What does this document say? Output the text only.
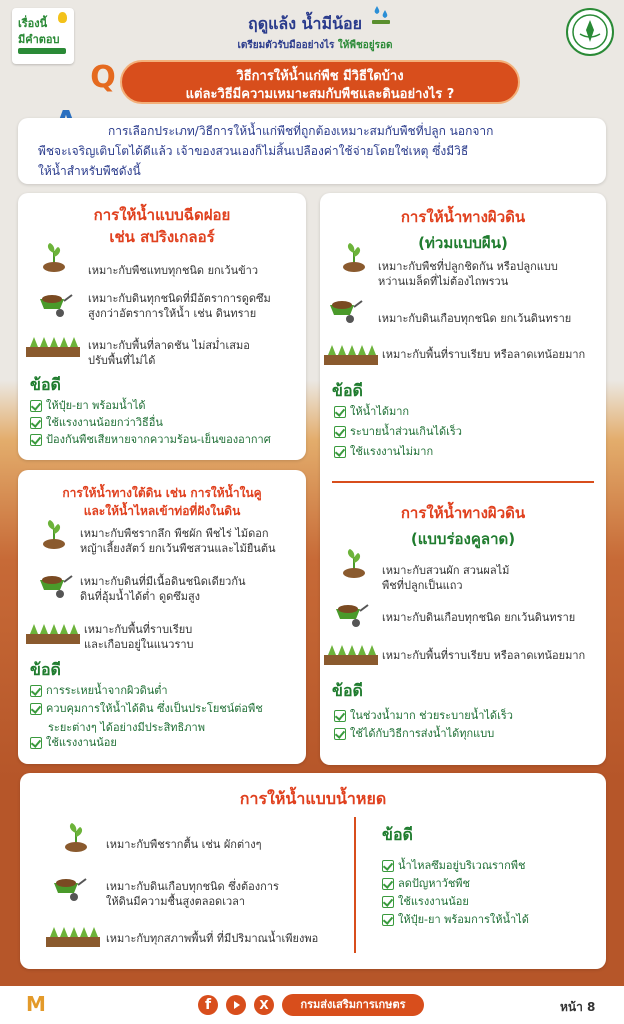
เรื่องนี้
มีคำตอบ
ฤดูแล้ง น้ำมีน้อย
เตรียมตัวรับมืออย่างไร ให้พืชอยู่รอด
Q	วิธีการให้น้ำแก่พืช มีวิธีใดบ้าง
แต่ละวิธีมีความเหมาะสมกับพืชและดินอย่างไร ?
การเลือกประเภท/วิธีการให้น้ำแก่พืชที่ถูกต้องเหมาะสมกับพืชที่ปลูก นอกจาก
พืชจะเจริญเติบโตได้ดีแล้ว เจ้าของสวนเองก็ไม่สิ้นเปลืองค่าใช้จ่ายโดยใช่เหตุ ซึ่งมีวิธี
ให้น้ำสำหรับพืชดังนี้
การให้น้ำแบบฉีดฝอย
เช่น สปริงเกลอร์
เหมาะกับพืชแทบทุกชนิด ยกเว้นข้าว
เหมาะกับดินทุกชนิดที่มีอัตราการดูดซึม
สูงกว่าอัตราการให้น้ำ เช่น ดินทราย
เหมาะกับพื้นที่ลาดชัน ไม่สม่ำเสมอ
ปรับพื้นที่ไม่ได้
ข้อดี
ให้ปุ๋ย-ยา พร้อมน้ำได้
ใช้แรงงานน้อยกว่าวิธีอื่น
ป้องกันพืชเสียหายจากความร้อน-เย็นของอากาศ
การให้น้ำทางผิวดิน
(ท่วมแบบผืน)
เหมาะกับพืชที่ปลูกชิดกัน หรือปลูกแบบ
หว่านเมล็ดที่ไม่ต้องไถพรวน
เหมาะกับดินเกือบทุกชนิด ยกเว้นดินทราย
เหมาะกับพื้นที่ราบเรียบ หรือลาดเทน้อยมาก
ข้อดี
ให้น้ำได้มาก
ระบายน้ำส่วนเกินได้เร็ว
ใช้แรงงานไม่มาก
การให้น้ำทางผิวดิน
(แบบร่องคูลาด)
เหมาะกับสวนผัก สวนผลไม้
พืชที่ปลูกเป็นแถว
เหมาะกับดินเกือบทุกชนิด ยกเว้นดินทราย
เหมาะกับพื้นที่ราบเรียบ หรือลาดเทน้อยมาก
ข้อดี
ในช่วงน้ำมาก ช่วยระบายน้ำได้เร็ว
ใช้ได้กับวิธีการส่งน้ำได้ทุกแบบ
การให้น้ำทางใต้ดิน เช่น การให้น้ำในคู
และให้น้ำไหลเข้าท่อที่ฝังในดิน
เหมาะกับพืชรากลึก พืชผัก พืชไร่ ไม้ดอก
หญ้าเลี้ยงสัตว์ ยกเว้นพืชสวนและไม้ยืนต้น
เหมาะกับดินที่มีเนื้อดินชนิดเดียวกัน
ดินที่อุ้มน้ำได้ต่ำ ดูดซึมสูง
เหมาะกับพื้นที่ราบเรียบ
และเกือบอยู่ในแนวราบ
ข้อดี
การระเหยน้ำจากผิวดินต่ำ
ควบคุมการให้น้ำได้ดิน ซึ่งเป็นประโยชน์ต่อพืช
ระยะต่างๆ ได้อย่างมีประสิทธิภาพ
ใช้แรงงานน้อย
การให้น้ำแบบน้ำหยด
เหมาะกับพืชรากตื้น เช่น ผักต่างๆ
เหมาะกับดินเกือบทุกชนิด ซึ่งต้องการ
ให้ดินมีความชื้นสูงตลอดเวลา
เหมาะกับทุกสภาพพื้นที่ ที่มีปริมาณน้ำเพียงพอ
ข้อดี
น้ำไหลซึมอยู่บริเวณรากพืช
ลดปัญหาวัชพืช
ใช้แรงงานน้อย
ให้ปุ๋ย-ยา พร้อมการให้น้ำได้
M	f	X	กรมส่งเสริมการเกษตร	หน้า 8
